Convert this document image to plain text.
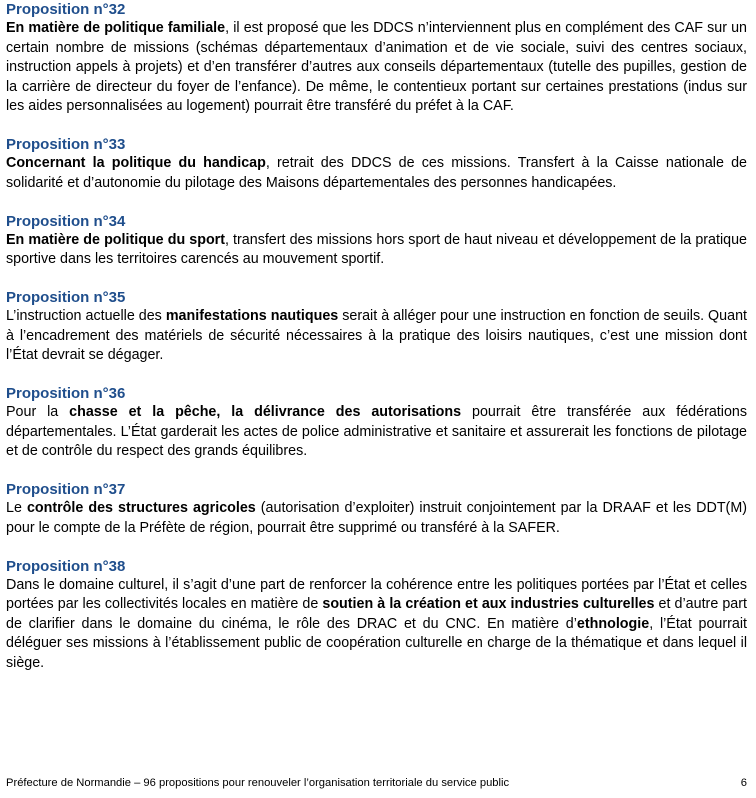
Proposition n°32

En matière de politique familiale, il est proposé que les DDCS n’interviennent plus en complément des CAF sur un certain nombre de missions (schémas départementaux d’animation et de vie sociale, suivi des centres sociaux, instruction appels à projets) et d’en transférer d’autres aux conseils départementaux (tutelle des pupilles, gestion de la carrière de directeur du foyer de l’enfance). De même, le contentieux portant sur certaines prestations (indus sur les aides personnalisées au logement) pourrait être transféré du préfet à la CAF.

Proposition n°33

Concernant la politique du handicap, retrait des DDCS de ces missions. Transfert à la Caisse nationale de solidarité et d’autonomie du pilotage des Maisons départementales des personnes handicapées.

Proposition n°34

En matière de politique du sport, transfert des missions hors sport de haut niveau et développement de la pratique sportive dans les territoires carencés au mouvement sportif.

Proposition n°35

L’instruction actuelle des manifestations nautiques serait à alléger pour une instruction en fonction de seuils. Quant à l’encadrement des matériels de sécurité nécessaires à la pratique des loisirs nautiques, c’est une mission dont l’État devrait se dégager.

Proposition n°36

Pour la chasse et la pêche, la délivrance des autorisations pourrait être transférée aux fédérations départementales. L’État garderait les actes de police administrative et sanitaire et assurerait les fonctions de pilotage et de contrôle du respect des grands équilibres.

Proposition n°37

Le contrôle des structures agricoles (autorisation d’exploiter) instruit conjointement par la DRAAF et les DDT(M) pour le compte de la Préfète de région, pourrait être supprimé ou transféré à la SAFER.

Proposition n°38

Dans le domaine culturel, il s’agit d’une part de renforcer la cohérence entre les politiques portées par l’État et celles portées par les collectivités locales en matière de soutien à la création et aux industries culturelles et d’autre part de clarifier dans le domaine du cinéma, le rôle des DRAC et du CNC. En matière d’ethnologie, l’État pourrait déléguer ses missions à l’établissement public de coopération culturelle en charge de la thématique et dans lequel il siège.

Préfecture de Normandie – 96 propositions pour renouveler l’organisation territoriale du service public	6
